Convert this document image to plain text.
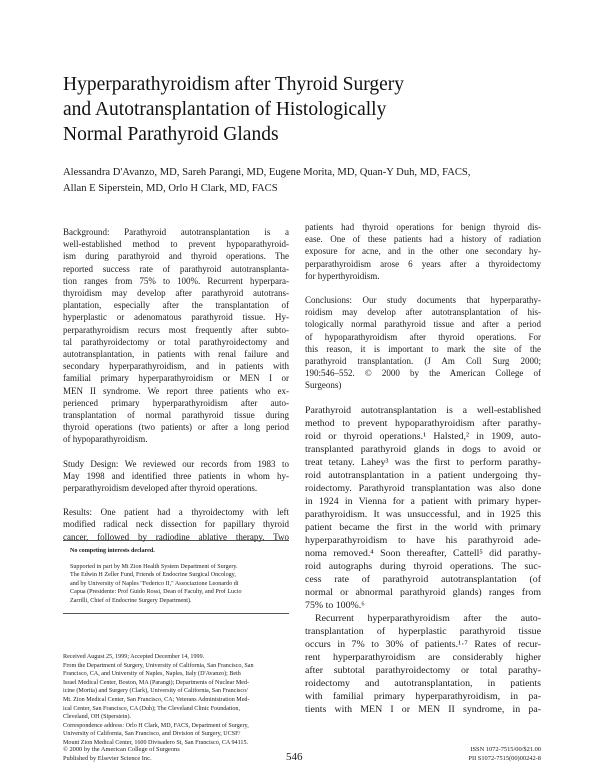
Hyperparathyroidism after Thyroid Surgery
and Autotransplantation of Histologically
Normal Parathyroid Glands
Alessandra D'Avanzo, MD, Sareh Parangi, MD, Eugene Morita, MD, Quan-Y Duh, MD, FACS,
Allan E Siperstein, MD, Orlo H Clark, MD, FACS
Background: Parathyroid autotransplantation is a
well-established method to prevent hypoparathyroid-
ism during parathyroid and thyroid operations. The
reported success rate of parathyroid autotransplanta-
tion ranges from 75% to 100%. Recurrent hyperpara-
thyroidism may develop after parathyroid autotrans-
plantation, especially after the transplantation of
hyperplastic or adenomatous parathyroid tissue. Hy-
perparathyroidism recurs most frequently after subto-
tal parathyroidectomy or total parathyroidectomy and
autotransplantation, in patients with renal failure and
secondary hyperparathyroidism, and in patients with
familial primary hyperparathyroidism or MEN I or
MEN II syndrome. We report three patients who ex-
perienced primary hyperparathyroidism after auto-
transplantation of normal parathyroid tissue during
thyroid operations (two patients) or after a long period
of hypoparathyroidism.
Study Design: We reviewed our records from 1983 to
May 1998 and identified three patients in whom hy-
perparathyroidism developed after thyroid operations.
Results: One patient had a thyroidectomy with left
modified radical neck dissection for papillary thyroid
cancer, followed by radiodine ablative therapy. Two
patients had thyroid operations for benign thyroid dis-
ease. One of these patients had a history of radiation
exposure for acne, and in the other one secondary hy-
perparathyroidism arose 6 years after a thyroidectomy
for hyperthyroidism.
Conclusions: Our study documents that hyperparathy-
roidism may develop after autotransplantation of his-
tologically normal parathyroid tissue and after a period
of hypoparathyroidism after thyroid operations. For
this reason, it is important to mark the site of the
parathyroid transplantation. (J Am Coll Surg 2000;
190:546–552. © 2000 by the American College of
Surgeons)
Parathyroid autotransplantation is a well-established
method to prevent hypoparathyroidism after parathy-
roid or thyroid operations.¹ Halsted,² in 1909, auto-
transplanted parathyroid glands in dogs to avoid or
treat tetany. Lahey³ was the first to perform parathy-
roid autotransplantation in a patient undergoing thy-
roidectomy. Parathyroid transplantation was also done
in 1924 in Vienna for a patient with primary hyper-
parathyroidism. It was unsuccessful, and in 1925 this
patient became the first in the world with primary
hyperparathyroidism to have his parathyroid ade-
noma removed.⁴ Soon thereafter, Cattell⁵ did parathy-
roid autographs during thyroid operations. The suc-
cess rate of parathyroid autotransplantation (of
normal or abnormal parathyroid glands) ranges from
75% to 100%.⁶
Recurrent hyperparathyroidism after the auto-
transplantation of hyperplastic parathyroid tissue
occurs in 7% to 30% of patients.¹·⁷ Rates of recur-
rent hyperparathyroidism are considerably higher
after subtotal parathyroidectomy or total parathy-
roidectomy and autotransplantation, in patients
with familial primary hyperparathyroidism, in pa-
tients with MEN I or MEN II syndrome, in pa-
No competing interests declared.
Supported in part by Mt Zion Health System Department of Surgery.
The Edwin H Zeller Fund, Friends of Endocrine Surgical Oncology,
and by University of Naples "Federico II," Associazione Leonardo di
Capua (Presidente: Prof Guido Rossi, Dean of Faculty, and Prof Lucio
Zarrilli, Chief of Endocrine Surgery Department).
Received August 25, 1999; Accepted December 14, 1999.
From the Department of Surgery, University of California, San Francisco, San
Francisco, CA, and University of Naples, Naples, Italy (D'Avanzo); Beth
Israel Medical Center, Boston, MA (Parangi); Departments of Nuclear Med-
icine (Morita) and Surgery (Clark), University of California, San Francisco/
Mt. Zion Medical Center, San Francisco, CA; Veterans Administration Med-
ical Center, San Francisco, CA (Duh); The Cleveland Clinic Foundation,
Cleveland, OH (Siperstein).
Correspondence address: Orlo H Clark, MD, FACS, Department of Surgery,
University of California, San Francisco, and Division of Surgery, UCSF/
Mount Zion Medical Center, 1600 Divisadero St, San Francisco, CA 94115.
© 2000 by the American College of Surgeons
Published by Elsevier Science Inc.	546
ISSN 1072-7515/00/$21.00
PII S1072-7515(00)00242-8
